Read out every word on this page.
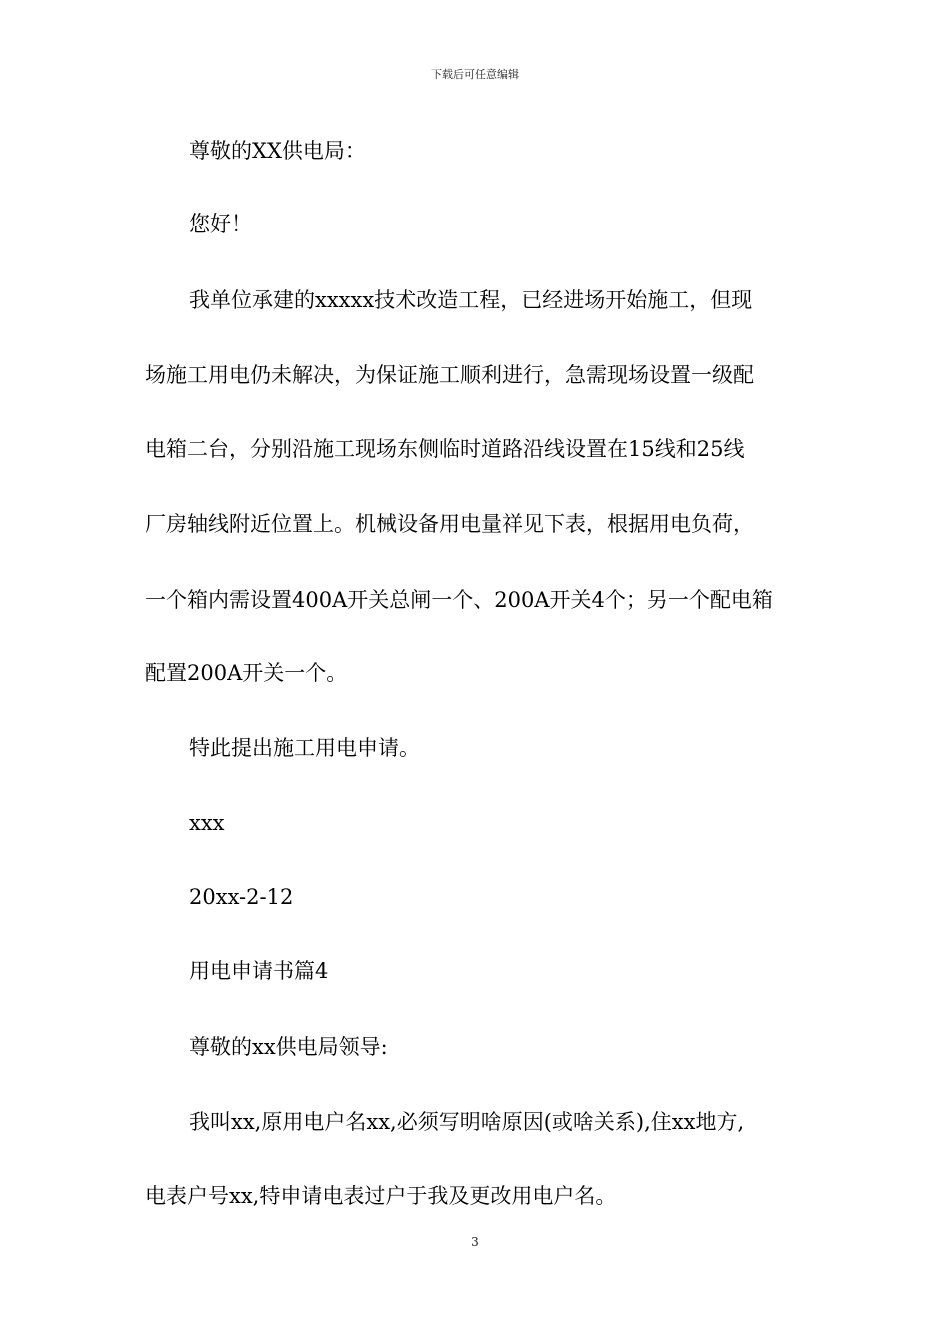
下载后可任意编辑
尊敬的XX供电局：
您好！
我单位承建的xxxxx技术改造工程，已经进场开始施工，但现
场施工用电仍未解决，为保证施工顺利进行，急需现场设置一级配
电箱二台，分别沿施工现场东侧临时道路沿线设置在15线和25线
厂房轴线附近位置上。机械设备用电量祥见下表，根据用电负荷，
一个箱内需设置400A开关总闸一个、200A开关4个；另一个配电箱
配置200A开关一个。
特此提出施工用电申请。
xxx
20xx-2-12
用电申请书篇4
尊敬的xx供电局领导:
我叫xx,原用电户名xx,必须写明啥原因(或啥关系),住xx地方,
电表户号xx,特申请电表过户于我及更改用电户名。
3
